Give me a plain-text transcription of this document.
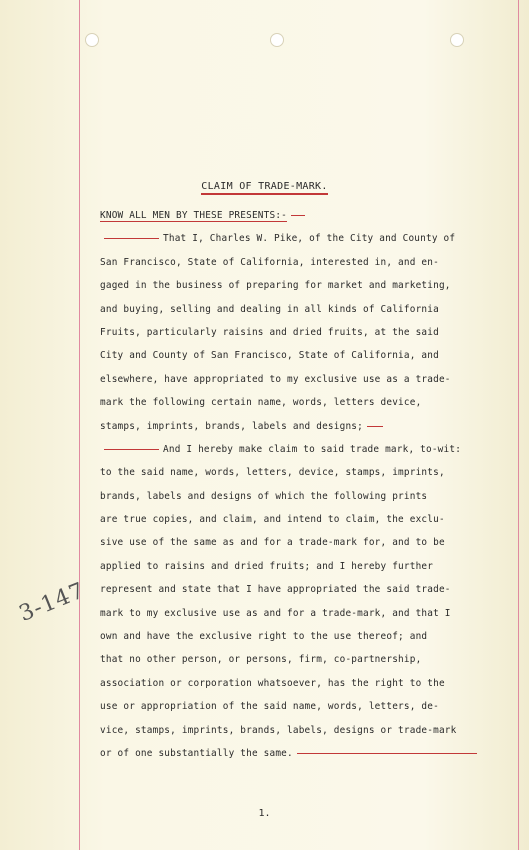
CLAIM OF TRADE-MARK.
KNOW ALL MEN BY THESE PRESENTS:-
That I, Charles W. Pike, of the City and County of
San Francisco, State of California, interested in, and en-
gaged in the business of preparing for market and marketing,
and buying, selling and dealing in all kinds of California
Fruits, particularly raisins and dried fruits, at the said
City and County of San Francisco, State of California, and
elsewhere, have appropriated to my exclusive use as a trade-
mark the following certain name, words, letters device,
stamps, imprints, brands, labels and designs;
And I hereby make claim to said trade mark, to-wit:
to the said name, words, letters, device, stamps, imprints,
brands, labels and designs of which the following prints
are true copies, and claim, and intend to claim, the exclu-
sive use of the same as and for a trade-mark for, and to be
applied to raisins and dried fruits; and I hereby further
represent and state that I have appropriated the said trade-
mark to my exclusive use as and for a trade-mark, and that I
own and have the exclusive right to the use thereof; and
that no other person, or persons, firm, co-partnership,
association or corporation whatsoever, has the right to the
use or appropriation of the said name, words, letters, de-
vice, stamps, imprints, brands, labels, designs or trade-mark
or of one substantially the same.
3-147
1.
